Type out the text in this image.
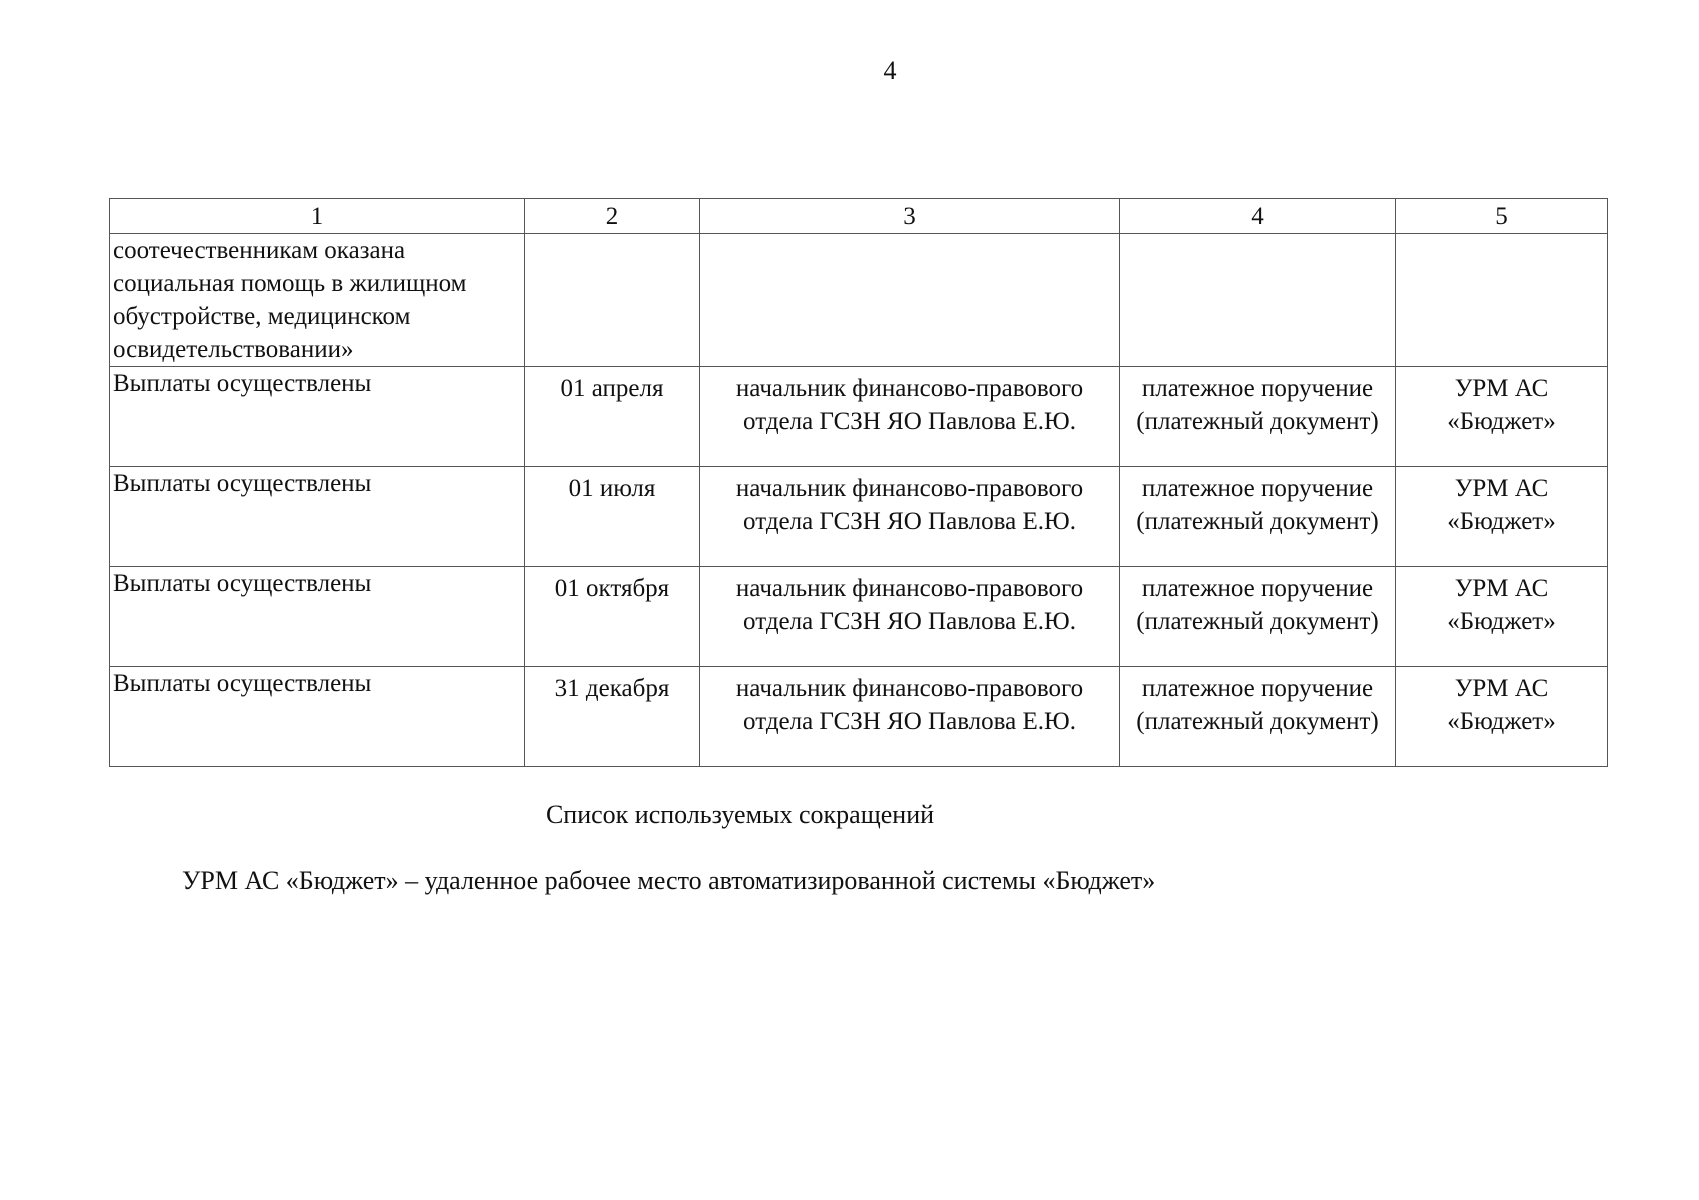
4
1	2	3	4	5
соотечественникам оказана социальная помощь в жилищном обустройстве, медицинском освидетельствовании»				
Выплаты осуществлены	01 апреля	начальник финансово-правового отдела ГСЗН ЯО Павлова Е.Ю.	платежное поручение (платежный документ)	УРМ АС «Бюджет»
Выплаты осуществлены	01 июля	начальник финансово-правового отдела ГСЗН ЯО Павлова Е.Ю.	платежное поручение (платежный документ)	УРМ АС «Бюджет»
Выплаты осуществлены	01 октября	начальник финансово-правового отдела ГСЗН ЯО Павлова Е.Ю.	платежное поручение (платежный документ)	УРМ АС «Бюджет»
Выплаты осуществлены	31 декабря	начальник финансово-правового отдела ГСЗН ЯО Павлова Е.Ю.	платежное поручение (платежный документ)	УРМ АС «Бюджет»
Список используемых сокращений
УРМ АС «Бюджет» – удаленное рабочее место автоматизированной системы «Бюджет»
